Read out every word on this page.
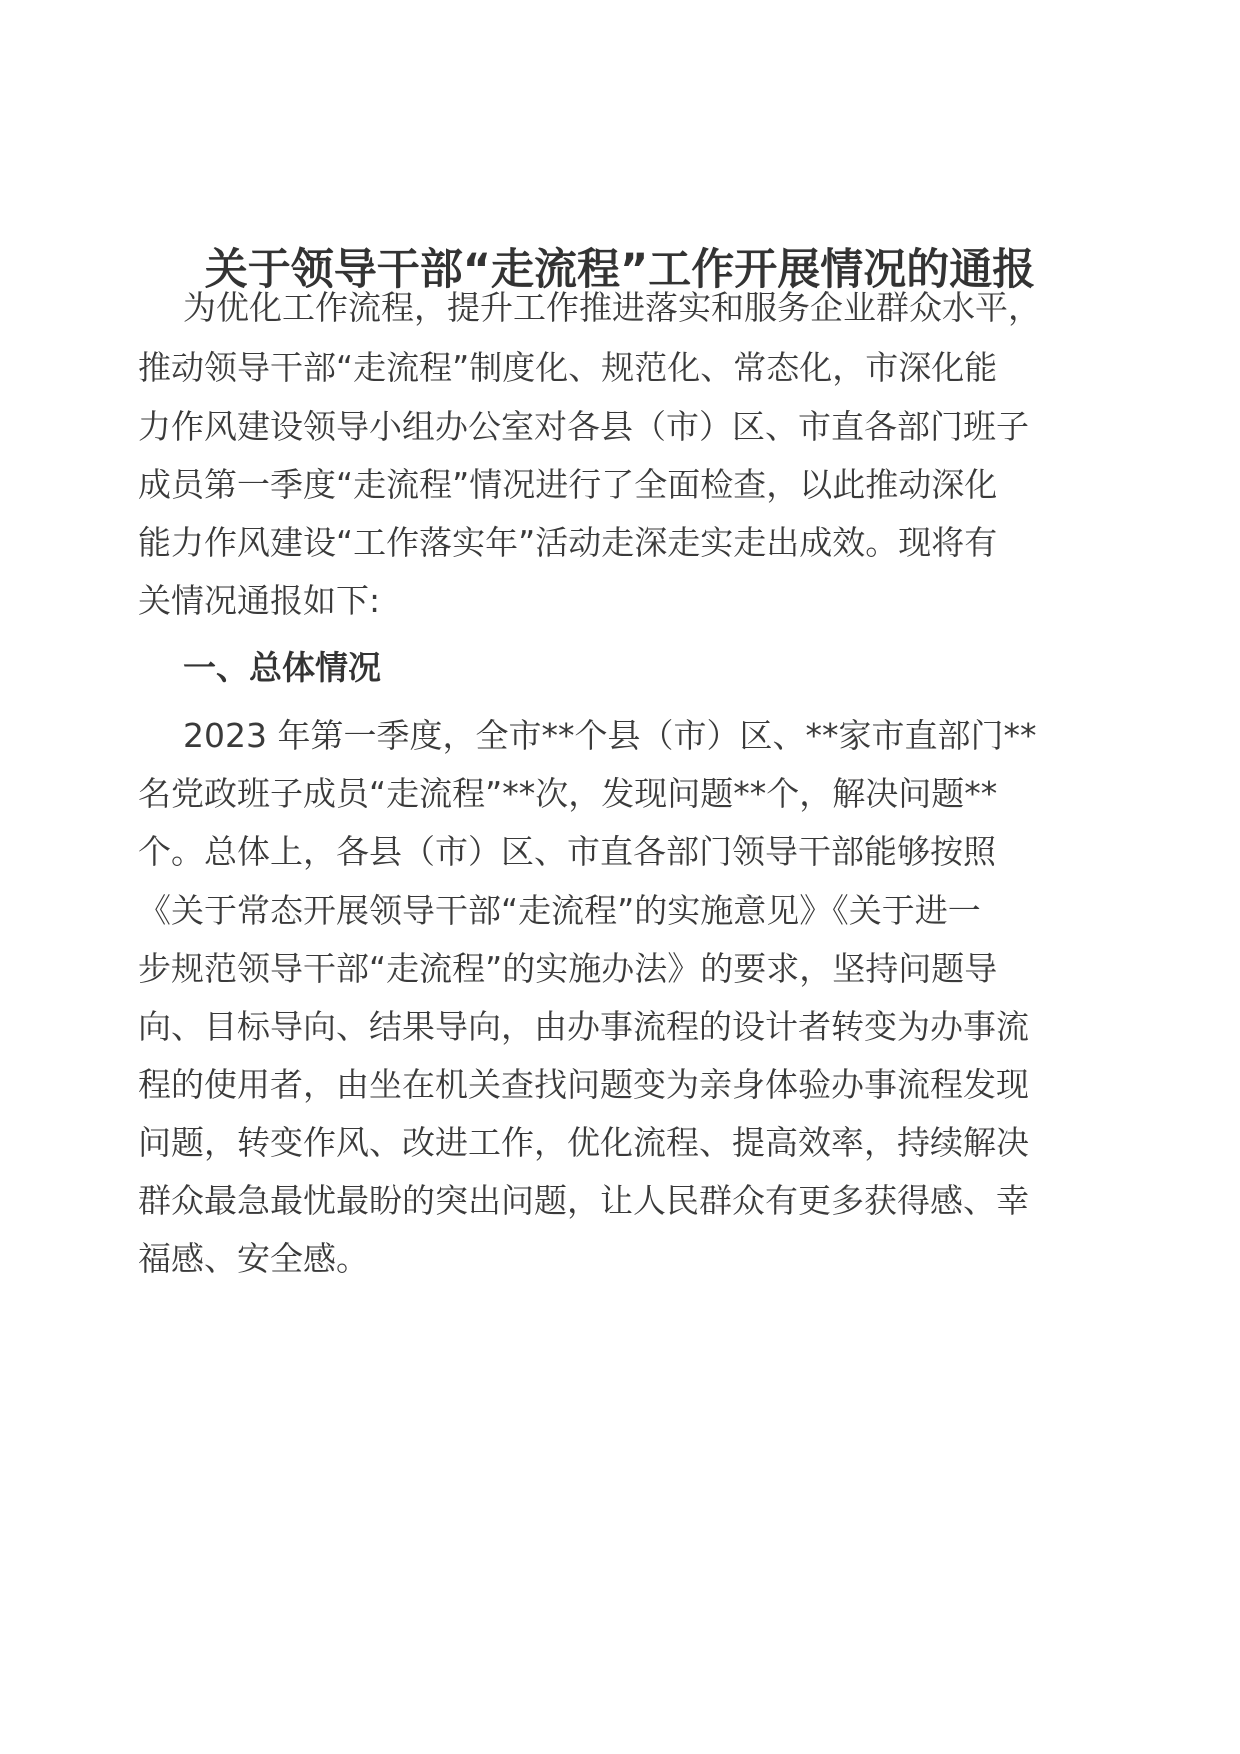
关于领导干部“走流程”工作开展情况的通报

为优化工作流程，提升工作推进落实和服务企业群众水平，

推动领导干部“走流程”制度化、规范化、常态化，市深化能

力作风建设领导小组办公室对各县（市）区、市直各部门班子

成员第一季度“走流程”情况进行了全面检查，以此推动深化

能力作风建设“工作落实年”活动走深走实走出成效。现将有

关情况通报如下:

一、总体情况

2023 年第一季度，全市**个县（市）区、**家市直部门**

名党政班子成员“走流程”**次，发现问题**个，解决问题**

个。总体上，各县（市）区、市直各部门领导干部能够按照

《关于常态开展领导干部“走流程”的实施意见》《关于进一

步规范领导干部“走流程”的实施办法》的要求，坚持问题导

向、目标导向、结果导向，由办事流程的设计者转变为办事流

程的使用者，由坐在机关查找问题变为亲身体验办事流程发现

问题，转变作风、改进工作，优化流程、提高效率，持续解决

群众最急最忧最盼的突出问题，让人民群众有更多获得感、幸

福感、安全感。
